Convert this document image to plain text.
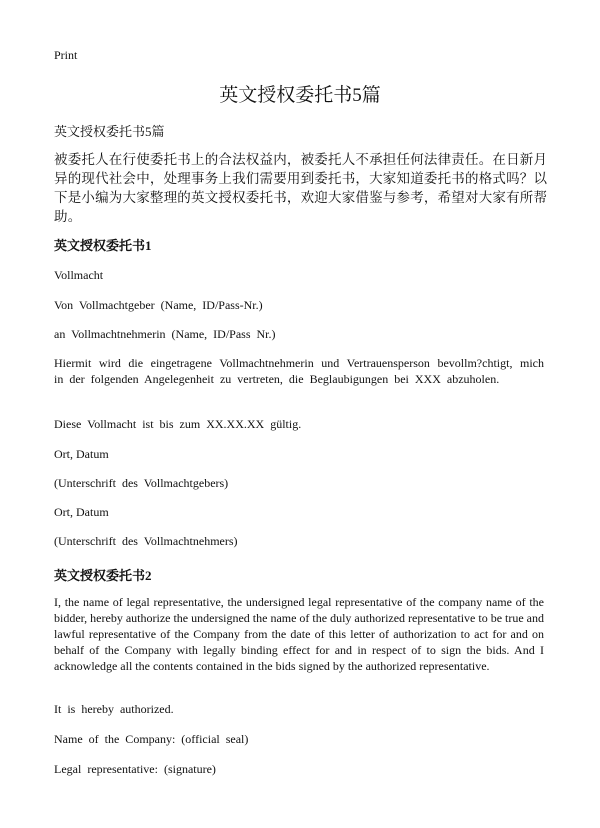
Print
英文授权委托书5篇

英文授权委托书5篇

被委托人在行使委托书上的合法权益内，被委托人不承担任何法律责任。在日新月异的现代社会中，处理事务上我们需要用到委托书，大家知道委托书的格式吗？以下是小编为大家整理的英文授权委托书，欢迎大家借鉴与参考，希望对大家有所帮助。

英文授权委托书1

Vollmacht

Von Vollmachtgeber (Name, ID/Pass-Nr.)

an Vollmachtnehmerin (Name, ID/Pass Nr.)

Hiermit wird die eingetragene Vollmachtnehmerin und Vertrauensperson bevollm?chtigt, mich in der folgenden Angelegenheit zu vertreten, die Beglaubigungen bei XXX abzuholen.

Diese Vollmacht ist bis zum XX.XX.XX gültig.

Ort, Datum

(Unterschrift des Vollmachtgebers)

Ort, Datum

(Unterschrift des Vollmachtnehmers)

英文授权委托书2

I, the name of legal representative, the undersigned legal representative of the company name of the bidder, hereby authorize the undersigned the name of the duly authorized representative to be true and lawful representative of the Company from the date of this letter of authorization to act for and on behalf of the Company with legally binding effect for and in respect of to sign the bids. And I acknowledge all the contents contained in the bids signed by the authorized representative.

It is hereby authorized.

Name of the Company: (official seal)

Legal representative: (signature)
